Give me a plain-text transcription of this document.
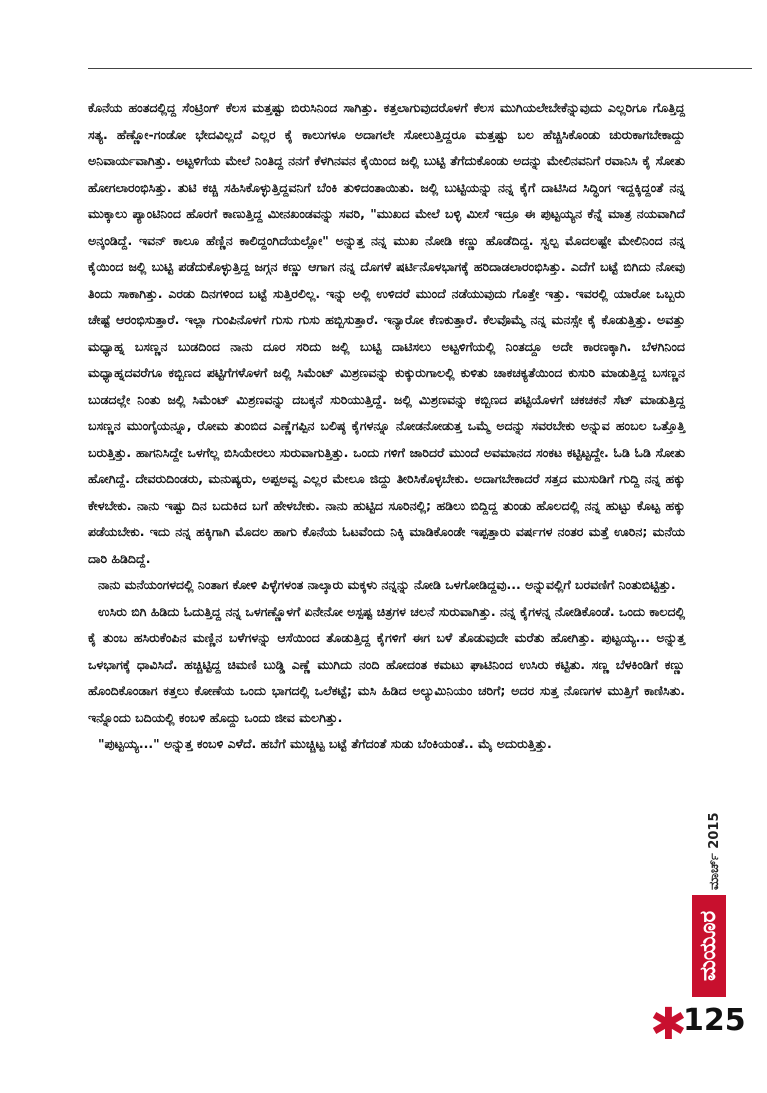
ಕೊನೆಯ ಹಂತದಲ್ಲಿದ್ದ ಸೆಂಟ್ರಿಂಗ್ ಕೆಲಸ ಮತ್ತಷ್ಟು ಬಿರುಸಿನಿಂದ ಸಾಗಿತ್ತು. ಕತ್ತಲಾಗುವುದರೊಳಗೆ ಕೆಲಸ ಮುಗಿಯಲೇಬೇಕೆನ್ನುವುದು ಎಲ್ಲರಿಗೂ ಗೊತ್ತಿದ್ದ ಸತ್ಯ. ಹೆಣ್ಣೋ-ಗಂಡೋ ಭೇದವಿಲ್ಲದೆ ಎಲ್ಲರ ಕೈ ಕಾಲುಗಳೂ ಅದಾಗಲೇ ಸೋಲುತ್ತಿದ್ದರೂ ಮತ್ತಷ್ಟು ಬಲ ಹೆಚ್ಚಿಸಿಕೊಂಡು ಚುರುಕಾಗಬೇಕಾದ್ದು ಅನಿವಾರ್ಯವಾಗಿತ್ತು. ಅಟ್ಟಳಿಗೆಯ ಮೇಲೆ ನಿಂತಿದ್ದ ನನಗೆ ಕೆಳಗಿನವನ ಕೈಯಿಂದ ಜಲ್ಲಿ ಬುಟ್ಟಿ ತೆಗೆದುಕೊಂಡು ಅದನ್ನು ಮೇಲಿನವನಿಗೆ ರವಾನಿಸಿ ಕೈ ಸೋತು ಹೋಗಲಾರಂಭಿಸಿತ್ತು. ತುಟಿ ಕಚ್ಚಿ ಸಹಿಸಿಕೊಳ್ಳುತ್ತಿದ್ದವನಿಗೆ ಬೆಂಕಿ ತುಳಿದಂತಾಯಿತು. ಜಲ್ಲಿ ಬುಟ್ಟಿಯನ್ನು ನನ್ನ ಕೈಗೆ ದಾಟಿಸಿದ ಸಿದ್ಧಿಂಗ ಇದ್ದಕ್ಕಿದ್ದಂತೆ ನನ್ನ ಮುಕ್ಕಾಲು ಪ್ಯಾಂಟಿನಿಂದ ಹೊರಗೆ ಕಾಣುತ್ತಿದ್ದ ಮೀನಖಂಡವನ್ನು ಸವರಿ, "ಮುಖದ ಮೇಲೆ ಬಳ್ಳಿ ಮೀಸೆ ಇದ್ರೂ ಈ ಪುಟ್ಟಯ್ಯನ ಕೆನ್ನೆ ಮಾತ್ರ ನಯವಾಗಿದೆ ಅನ್ಕಂಡಿದ್ದೆ. ಇವನ್ ಕಾಲೂ ಹೆಣ್ಣಿನ ಕಾಲಿದ್ದಂಗಿದೆಯಲ್ಲೋ" ಅನ್ನುತ್ತ ನನ್ನ ಮುಖ ನೋಡಿ ಕಣ್ಣು ಹೊಡೆದಿದ್ದ. ಸ್ವಲ್ಪ ಮೊದಲಷ್ಟೇ ಮೇಲಿನಿಂದ ನನ್ನ ಕೈಯಿಂದ ಜಲ್ಲಿ ಬುಟ್ಟಿ ಪಡೆದುಕೊಳ್ಳುತ್ತಿದ್ದ ಜಗ್ಗನ ಕಣ್ಣು ಆಗಾಗ ನನ್ನ ದೊಗಳೆ ಷರ್ಟಿನೊಳಭಾಗಕ್ಕೆ ಹರಿದಾಡಲಾರಂಭಿಸಿತ್ತು. ಎದೆಗೆ ಬಟ್ಟೆ ಬಿಗಿದು ನೋವು ತಿಂದು ಸಾಕಾಗಿತ್ತು. ಎರಡು ದಿನಗಳಿಂದ ಬಟ್ಟೆ ಸುತ್ತಿರಲಿಲ್ಲ. ಇನ್ನು ಅಲ್ಲಿ ಉಳಿದರೆ ಮುಂದೆ ನಡೆಯುವುದು ಗೊತ್ತೇ ಇತ್ತು. ಇವರಲ್ಲಿ ಯಾರೋ ಒಬ್ಬರು ಚೇಷ್ಟೆ ಆರಂಭಿಸುತ್ತಾರೆ. ಇಲ್ಲಾ ಗುಂಪಿನೊಳಗೆ ಗುಸು ಗುಸು ಹಬ್ಬಿಸುತ್ತಾರೆ. ಇನ್ಯಾರೋ ಕೆಣಕುತ್ತಾರೆ. ಕೆಲವೊಮ್ಮೆ ನನ್ನ ಮನಸ್ಸೇ ಕೈ ಕೊಡುತ್ತಿತ್ತು. ಅವತ್ತು ಮಧ್ಯಾಹ್ನ ಬಸಣ್ಣನ ಬುಡದಿಂದ ನಾನು ದೂರ ಸರಿದು ಜಲ್ಲಿ ಬುಟ್ಟಿ ದಾಟಿಸಲು ಅಟ್ಟಳಿಗೆಯಲ್ಲಿ ನಿಂತದ್ದೂ ಅದೇ ಕಾರಣಕ್ಕಾಗಿ. ಬೆಳಗಿನಿಂದ ಮಧ್ಯಾಹ್ನದವರೆಗೂ ಕಬ್ಬಿಣದ ಪಟ್ಟಿಗೆಗಳೊಳಗೆ ಜಲ್ಲಿ ಸಿಮೆಂಟ್ ಮಿಶ್ರಣವನ್ನು ಕುಕ್ಕುರುಗಾಲಲ್ಲಿ ಕುಳಿತು ಚಾಕಚಕ್ಯತೆಯಿಂದ ಕುಸುರಿ ಮಾಡುತ್ತಿದ್ದ ಬಸಣ್ಣನ ಬುಡದಲ್ಲೇ ನಿಂತು ಜಲ್ಲಿ ಸಿಮೆಂಟ್ ಮಿಶ್ರಣವನ್ನು ದಬಕ್ಕನೆ ಸುರಿಯುತ್ತಿದ್ದೆ. ಜಲ್ಲಿ ಮಿಶ್ರಣವನ್ನು ಕಬ್ಬಿಣದ ಪಟ್ಟಿಯೊಳಗೆ ಚಕಚಕನೆ ಸೆಟ್ ಮಾಡುತ್ತಿದ್ದ ಬಸಣ್ಣನ ಮುಂಗೈಯನ್ನೂ, ರೋಮ ತುಂಬಿದ ಎಣ್ಣೆಗಪ್ಪಿನ ಬಲಿಷ್ಠ ಕೈಗಳನ್ನೂ ನೋಡನೋಡುತ್ತ ಒಮ್ಮೆ ಅದನ್ನು ಸವರಬೇಕು ಅನ್ನುವ ಹಂಬಲ ಒತ್ತೊತ್ತಿ ಬರುತ್ತಿತ್ತು. ಹಾಗನಿಸಿದ್ದೇ ಒಳಗೆಲ್ಲ ಬಿಸಿಯೇರಲು ಸುರುವಾಗುತ್ತಿತ್ತು. ಒಂದು ಗಳಿಗೆ ಜಾರಿದರೆ ಮುಂದೆ ಅವಮಾನದ ಸಂಕಟ ಕಟ್ಟಿಟ್ಟದ್ದೇ. ಓಡಿ ಓಡಿ ಸೋತು ಹೋಗಿದ್ದೆ. ದೇವರುದಿಂಡರು, ಮನುಷ್ಯರು, ಅಪ್ಪಅವ್ವ ಎಲ್ಲರ ಮೇಲೂ ಜಿದ್ದು ತೀರಿಸಿಕೊಳ್ಳಬೇಕು. ಅದಾಗಬೇಕಾದರೆ ಸತ್ತದ ಮುಸುಡಿಗೆ ಗುದ್ದಿ ನನ್ನ ಹಕ್ಕು ಕೇಳಬೇಕು. ನಾನು ಇಷ್ಟು ದಿನ ಬದುಕಿದ ಬಗೆ ಹೇಳಬೇಕು. ನಾನು ಹುಟ್ಟಿದ ಸೂರಿನಲ್ಲಿ; ಹಡಿಲು ಬಿದ್ದಿದ್ದ ತುಂಡು ಹೊಲದಲ್ಲಿ ನನ್ನ ಹುಟ್ಟು ಕೊಟ್ಟ ಹಕ್ಕು ಪಡೆಯಬೇಕು. ಇದು ನನ್ನ ಹಕ್ಕಿಗಾಗಿ ಮೊದಲ ಹಾಗು ಕೊನೆಯ ಓಟವೆಂದು ನಿಕ್ಕಿ ಮಾಡಿಕೊಂಡೇ ಇಪ್ಪತ್ತಾರು ವರ್ಷಗಳ ನಂತರ ಮತ್ತೆ ಊರಿನ; ಮನೆಯ ದಾರಿ ಹಿಡಿದಿದ್ದೆ.

ನಾನು ಮನೆಯಂಗಳದಲ್ಲಿ ನಿಂತಾಗ ಕೋಳಿ ಪಿಳ್ಳೆಗಳಂತ ನಾಲ್ಕಾರು ಮಕ್ಕಳು ನನ್ನನ್ನು ನೋಡಿ ಒಳಗೋಡಿದ್ದವು... ಅನ್ನುವಲ್ಲಿಗೆ ಬರವಣಿಗೆ ನಿಂತುಬಿಟ್ಟಿತ್ತು.

ಉಸಿರು ಬಿಗಿ ಹಿಡಿದು ಓದುತ್ತಿದ್ದ ನನ್ನ ಒಳಗಣ್ಣೊಳಗೆ ಏನೇನೋ ಅಸ್ಪಷ್ಟ ಚಿತ್ರಗಳ ಚಲನೆ ಸುರುವಾಗಿತ್ತು. ನನ್ನ ಕೈಗಳನ್ನ ನೋಡಿಕೊಂಡೆ. ಒಂದು ಕಾಲದಲ್ಲಿ ಕೈ ತುಂಬ ಹಸಿರುಕೆಂಪಿನ ಮಣ್ಣಿನ ಬಳೆಗಳನ್ನು ಆಸೆಯಿಂದ ತೊಡುತ್ತಿದ್ದ ಕೈಗಳಿಗೆ ಈಗ ಬಳೆ ತೊಡುವುದೇ ಮರೆತು ಹೋಗಿತ್ತು. ಪುಟ್ಟಯ್ಯ... ಅನ್ನುತ್ತ ಒಳಭಾಗಕ್ಕೆ ಧಾವಿಸಿದೆ. ಹಚ್ಚಿಟ್ಟಿದ್ದ ಚಿಮಣಿ ಬುಡ್ಡಿ ಎಣ್ಣೆ ಮುಗಿದು ನಂದಿ ಹೋದಂತ ಕಮಟು ಘಾಟಿನಿಂದ ಉಸಿರು ಕಟ್ಟಿತು. ಸಣ್ಣ ಬೆಳಕಿಂಡಿಗೆ ಕಣ್ಣು ಹೊಂದಿಕೊಂಡಾಗ ಕತ್ತಲು ಕೋಣೆಯ ಒಂದು ಭಾಗದಲ್ಲಿ ಒಲೆಕಟ್ಟೆ; ಮಸಿ ಹಿಡಿದ ಅಲ್ಯುಮಿನಿಯಂ ಚರಿಗೆ; ಅದರ ಸುತ್ತ ನೊಣಗಳ ಮುತ್ತಿಗೆ ಕಾಣಿಸಿತು. ಇನ್ನೊಂದು ಬದಿಯಲ್ಲಿ ಕಂಬಳಿ ಹೊದ್ದು ಒಂದು ಜೀವ ಮಲಗಿತ್ತು.

"ಪುಟ್ಟಯ್ಯ..." ಅನ್ನುತ್ತ ಕಂಬಳಿ ಎಳೆದೆ. ಹಬೆಗೆ ಮುಚ್ಚಿಟ್ಟ ಬಟ್ಟೆ ತೆಗೆದಂತೆ ಸುಡು ಬೆಂಕಿಯಂತೆ.. ಮೈ ಅದುರುತ್ತಿತ್ತು.

ಮಾರ್ಚ್ 2015
ಮಯೂರ
✱
125
